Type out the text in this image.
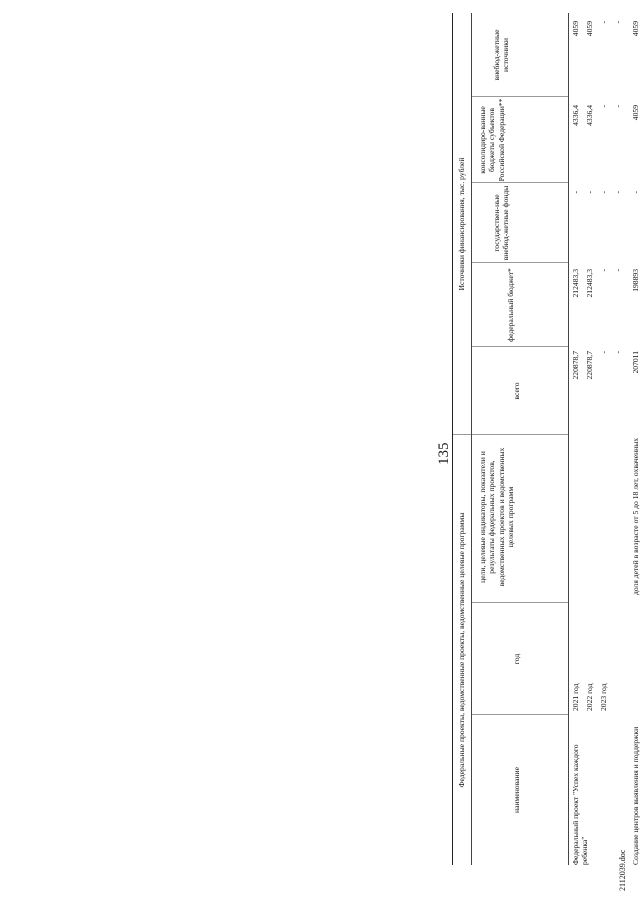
135
Федеральные проекты, ведомственные проекты, ведомственные целевые программы
Источники финансирования, тыс. рублей
наименование
год
цели, целевые индикаторы, показатели и результаты федеральных проектов, ведомственных проектов и ведомственных целевых программ
всего
федеральный бюджет*
государствен-ные внебюд-жетные фонды
консолидиро-ванные бюджеты субъектов Российской Федерации**
внебюд-жетные источники
Федеральный проект "Успех каждого ребенка"
2021 год
220878,7
212483,3
-
4336,4
4059
2022 год
220878,7
212483,3
-
4336,4
4059
2023 год
-
-
-
-
-
-
-
-
-
-
Создание центров выявления и поддержки
доля детей в возрасте от 5 до 18 лет, охваченных
207011
198893
-
4059
4059
2112039.doc
